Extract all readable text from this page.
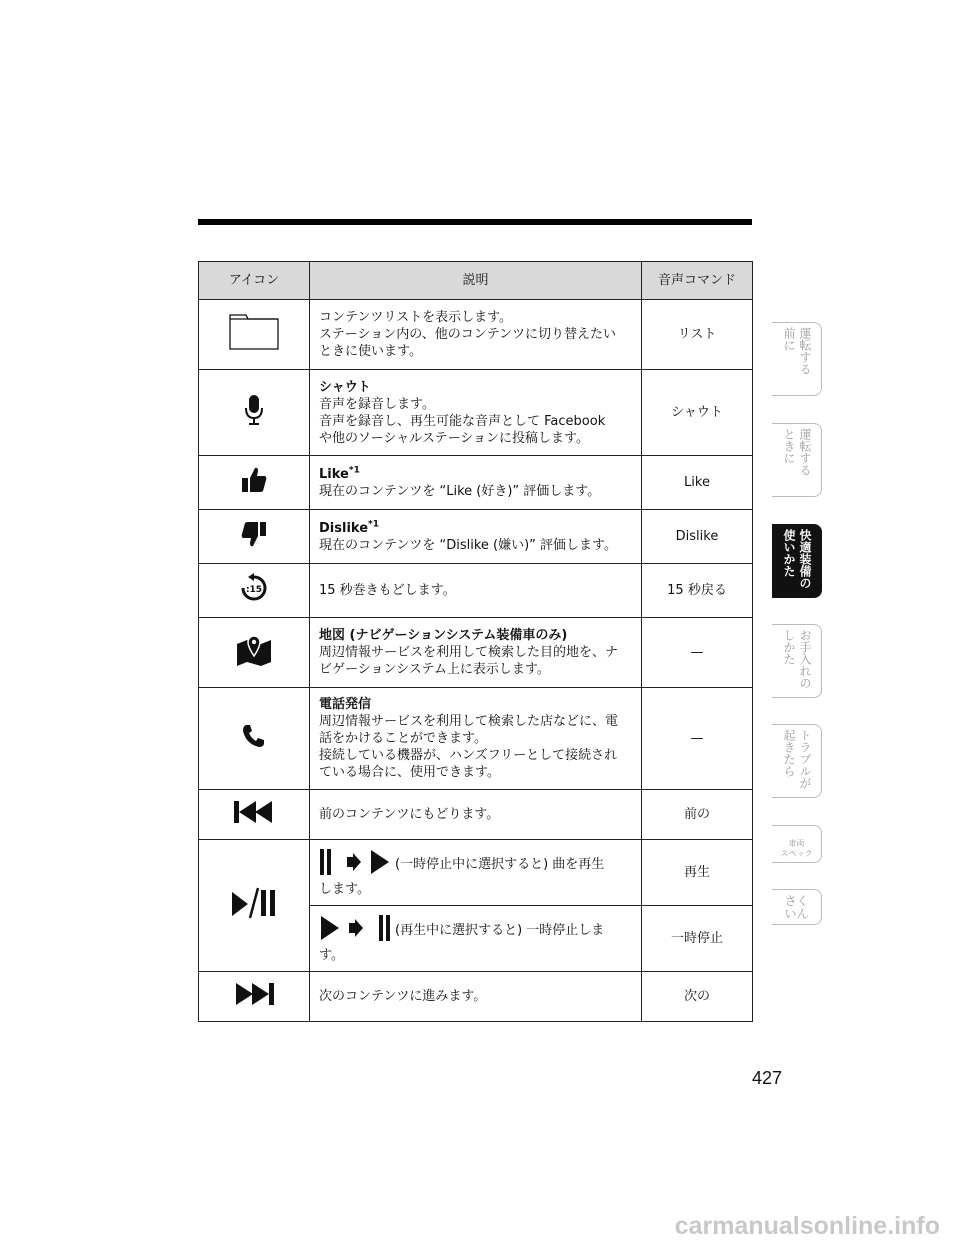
アイコン	説明	音声コマンド

コンテンツリストを表示します。
ステーション内の、他のコンテンツに切り替えたい
ときに使います。	リスト

シャウト
音声を録音します。
音声を録音し、再生可能な音声として Facebook
や他のソーシャルステーションに投稿します。	シャウト

Like$^{*1}$
現在のコンテンツを “Like (好き)” 評価します。	Like

Dislike$^{*1}$
現在のコンテンツを “Dislike (嫌い)” 評価します。	Dislike

:15	15 秒巻きもどします。	15 秒戻る

地図 (ナビゲーションシステム装備車のみ)
周辺情報サービスを利用して検索した目的地を、ナ
ビゲーションシステム上に表示します。	—

電話発信
周辺情報サービスを利用して検索した店などに、電
話をかけることができます。
接続している機器が、ハンズフリーとして接続され
ている場合に、使用できます。	—
	前のコンテンツにもどります。	前の

(一時停止中に選択すると) 曲を再生
します。	再生

	(再生中に選択すると) 一時停止しま
す。	一時停止
	次のコンテンツに進みます。	次の
運転する
前に
運転する
ときに
快適装備の
使いかた
お手入れの
しかた
トラブルが
起きたら
車両
スペック
さく
いん
427
carmanualsonline.info
